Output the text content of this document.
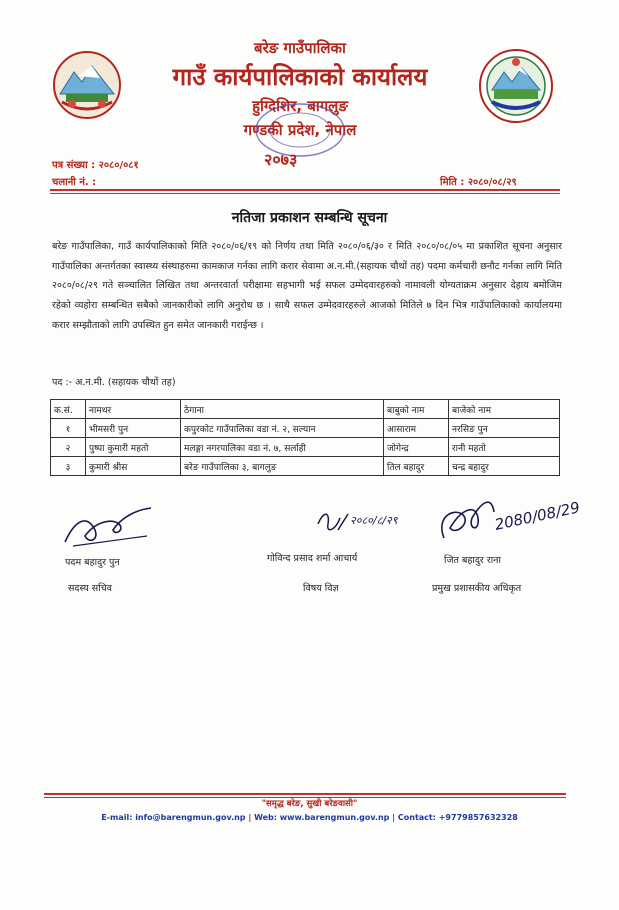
बरेङ गाउँपालिका
गाउँ कार्यपालिकाको कार्यालय
हुग्दिशिर, बागलुङ
गण्डकी प्रदेश, नेपाल
२०७३
पत्र संख्या : २०८०/०८१
चलानी नं. :	मिति : २०८०/०८/२९
नतिजा प्रकाशन सम्बन्धि सूचना
बरेङ गाउँपालिका, गाउँ कार्यपालिकाको मिति २०८०/०६/१९ को निर्णय तथा मिति २०८०/०६/३० र मिति २०८०/०८/०५ मा प्रकाशित सूचना अनुसार गाउँपालिका अन्तर्गतका स्वास्थ्य संस्थाहरुमा कामकाज गर्नका लागि करार सेवामा अ.न.मी.(सहायक चौथों तह) पदमा कर्मचारी छनौट गर्नका लागि मिति २०८०/०८/२९ गते सञ्चालित लिखित तथा अन्तरवार्ता परीक्षामा सहभागी भई सफल उम्मेदवारहरुको नामावली योग्यताक्रम अनुसार देहाय बमोजिम रहेको व्यहोरा सम्बन्धित सबैको जानकारीको लागि अनुरोध छ । साथै सफल उम्मेदवारहरुले आजको मितिले ७ दिन भित्र गाउँपालिकाको कार्यालयमा करार सम्झौताको लागि उपस्थित हुन समेत जानकारी गराईन्छ ।
पद :- अ.न.मी. (सहायक चौथों तह)
क.सं.	नामथर	ठेगाना	बाबुको नाम	बाजेको नाम
१	भीमसरी पुन	कपुरकोट गाउँपालिका वडा नं. २, सल्यान	आसाराम	नरसिङ पुन
२	पुष्पा कुमारी महतो	मलङ्गा नगरपालिका वडा नं. ७, सर्लाही	जोगेन्द्र	रानी महतो
३	कुमारी श्रीस	बरेङ गाउँपालिका ३, बागलुङ	तिल बहादुर	चन्द्र बहादुर
२०८०/८/२९	2080/08/29
पदम बहादुर पुन	गोविन्द प्रसाद शर्मा आचार्य	जित बहादुर राना
सदस्य सचिव	विषय विज्ञ	प्रमुख प्रशासकीय अधिकृत
"समृद्ध बरेङ, सुखी बरेङवासी"
E-mail: info@barengmun.gov.np | Web: www.barengmun.gov.np | Contact: +9779857632328
